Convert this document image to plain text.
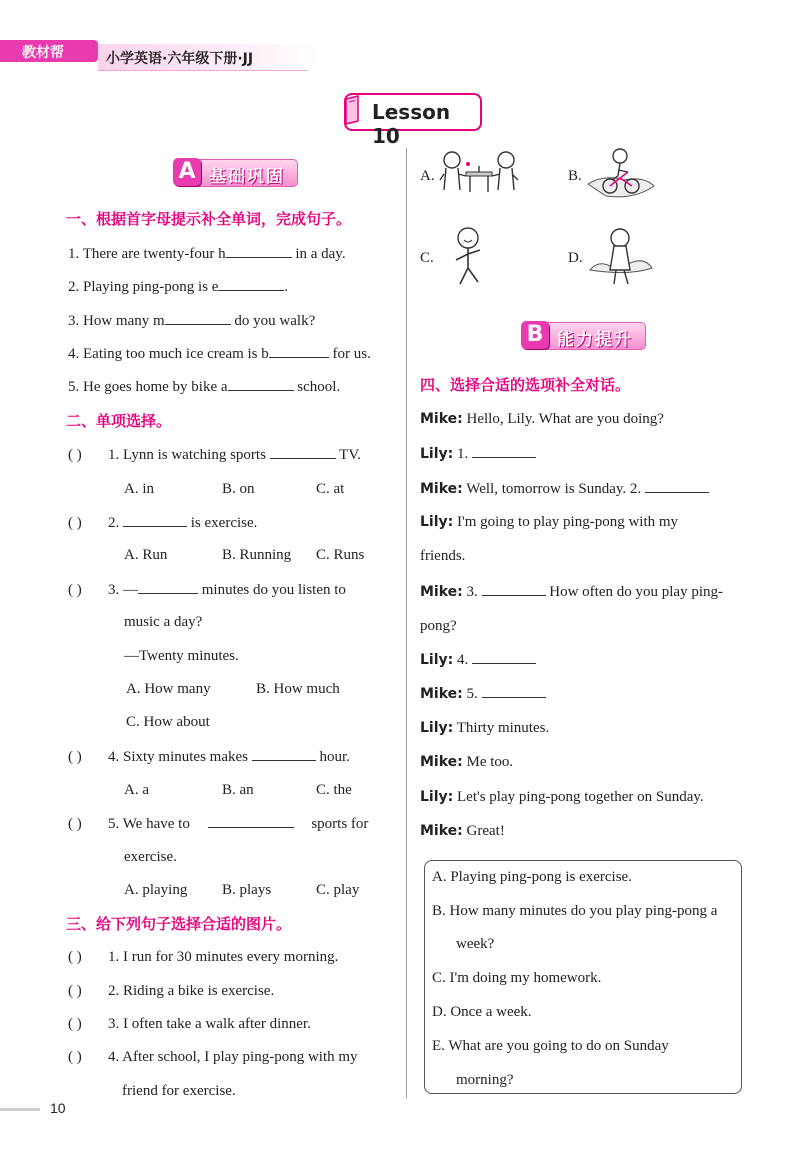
教材帮	小学英语·六年级下册·JJ
Lesson 10
A 基础巩固
一、根据首字母提示补全单词，完成句子。
1. There are twenty-four h	in a day.
2. Playing ping-pong is e	.
3. How many m	do you walk?
4. Eating too much ice cream is b	for us.
5. He goes home by bike a	school.
二、单项选择。
( ) 1. Lynn is watching sports	TV.
A. in	B. on	C. at
( ) 2.	is exercise.
A. Run	B. Running C. Runs
( ) 3. —	minutes do you listen to
music a day?
—Twenty minutes.
A. How many	B. How much
C. How about
( ) 4. Sixty minutes makes	hour.
A. a	B. an	C. the
( ) 5. We have to	sports for
exercise.
A. playing B. plays	C. play
三、给下列句子选择合适的图片。
( ) 1. I run for 30 minutes every morning.
( ) 2. Riding a bike is exercise.
( ) 3. I often take a walk after dinner.
( ) 4. After school, I play ping-pong with my
friend for exercise.
A.	B.
C.	D.
B 能力提升
四、选择合适的选项补全对话。
Mike: Hello, Lily. What are you doing?
Lily: 1.
Mike: Well, tomorrow is Sunday. 2.
Lily: I'm going to play ping-pong with my
friends.
Mike: 3.	How often do you play ping-
pong?
Lily: 4.
Mike: 5.
Lily: Thirty minutes.
Mike: Me too.
Lily: Let's play ping-pong together on Sunday.
Mike: Great!
A. Playing ping-pong is exercise.
B. How many minutes do you play ping-pong a
week?
C. I'm doing my homework.
D. Once a week.
E. What are you going to do on Sunday
morning?
10
